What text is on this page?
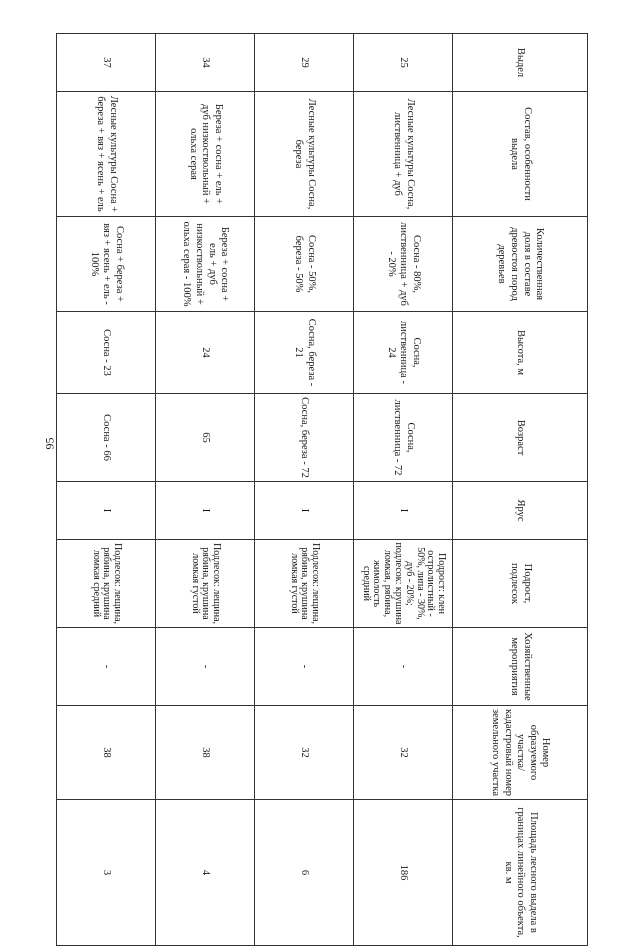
95
Выдел	Состав, особенности выдела	Количественная доля в составе древостоя пород деревьев	Высота, м	Возраст	Ярус	Подрост, подлесок	Хозяйственные мероприятия	Номер образуемого участка/кадастровый номер земельного участка	Площадь лесного выдела в границах линейного объекта, кв. м
25	Лесные культуры Сосна, лиственница + дуб	Сосна - 80%, лиственница + дуб - 20%	Сосна, лиственница - 24	Сосна, лиственница - 72	I	Подрост: клен остролистный - 50%, липа - 30%, дуб - 20%; подлесок: крушина ломкая, рябина, жимолость средний	-	32	186
29	Лесные культуры Сосна, береза	Сосна - 50%, береза - 50%	Сосна, береза - 21	Сосна, береза - 72	I	Подлесок: лещина, рябина, крушина ломкая густой	-	32	6
34	Береза + сосна + ель + дуб низкоствольный + ольха серая	Береза + сосна + ель + дуб низкоствольный + ольха серая - 100%	24	65	I	Подлесок: лещина, рябина, крушина ломкая густой	-	38	4
37	Лесные культуры Сосна + береза + вяз + ясень + ель	Сосна + береза + вяз + ясень + ель - 100%	Сосна - 23	Сосна - 66	I	Подлесок: лещина, рябина, крушина ломкая средний	-	38	3
